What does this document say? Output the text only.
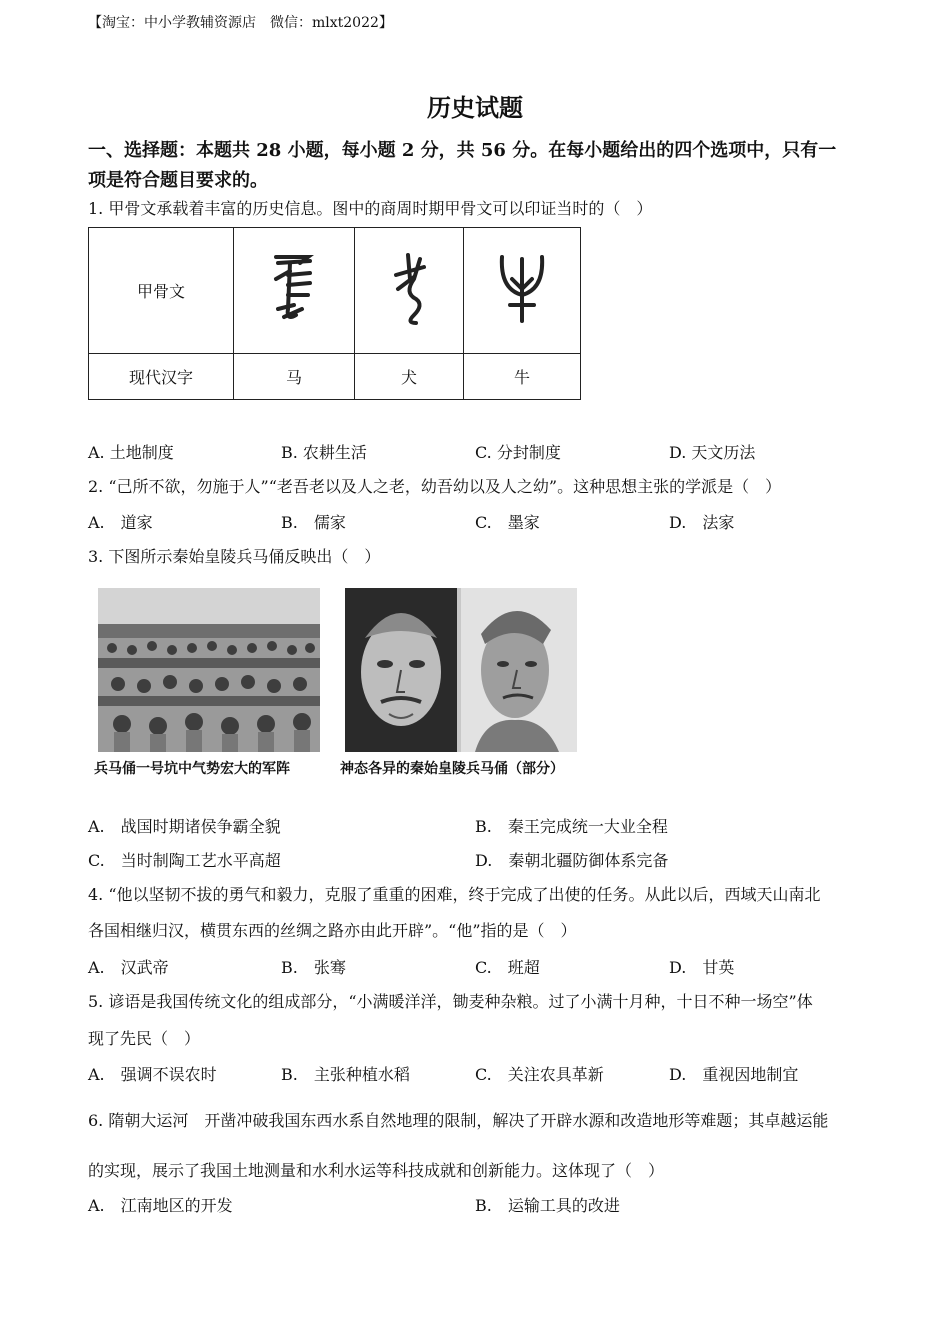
【淘宝：中小学教辅资源店　微信：mlxt2022】
历史试题
一、选择题：本题共 28 小题，每小题 2 分，共 56 分。在每小题给出的四个选项中，只有一
项是符合题目要求的。
1. 甲骨文承载着丰富的历史信息。图中的商周时期甲骨文可以印证当时的（　）
甲骨文			
现代汉字	马	犬	牛
A. 土地制度	B. 农耕生活	C. 分封制度	D. 天文历法
2. “己所不欲，勿施于人”“老吾老以及人之老，幼吾幼以及人之幼”。这种思想主张的学派是（　）
A.　道家	B.　儒家	C.　墨家	D.　法家
3. 下图所示秦始皇陵兵马俑反映出（　）
兵马俑一号坑中气势宏大的军阵	神态各异的秦始皇陵兵马俑（部分）
A.　战国时期诸侯争霸全貌	B.　秦王完成统一大业全程
C.　当时制陶工艺水平高超	D.　秦朝北疆防御体系完备
4. “他以坚韧不拔的勇气和毅力，克服了重重的困难，终于完成了出使的任务。从此以后，西域天山南北
各国相继归汉，横贯东西的丝绸之路亦由此开辟”。“他”指的是（　）
A.　汉武帝	B.　张骞	C.　班超	D.　甘英
5. 谚语是我国传统文化的组成部分，“小满暖洋洋，锄麦种杂粮。过了小满十月种，十日不种一场空”体
现了先民（　）
A.　强调不误农时	B.　主张种植水稻	C.　关注农具革新	D.　重视因地制宜
6. 隋朝大运河　开凿冲破我国东西水系自然地理的限制，解决了开辟水源和改造地形等难题；其卓越运能
的实现，展示了我国土地测量和水利水运等科技成就和创新能力。这体现了（　）
A.　江南地区的开发	B.　运输工具的改进
